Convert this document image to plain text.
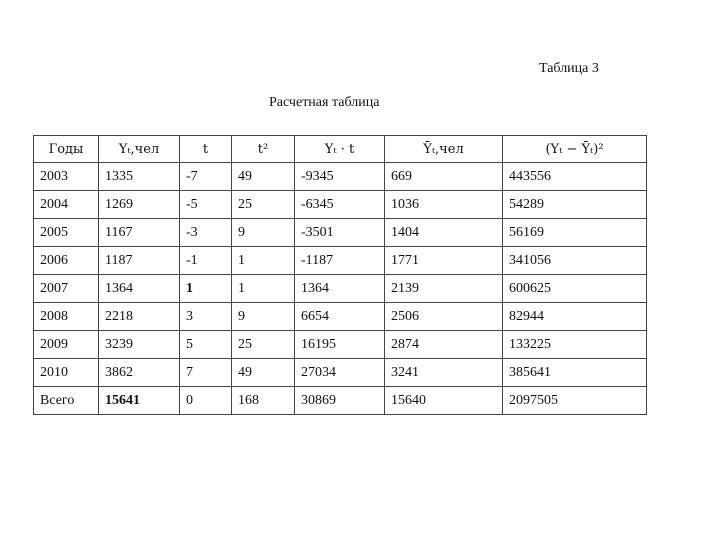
Таблица 3
Расчетная таблица
Годы	Yₜ,чел	t	t²	Yₜ · t	Ȳₜ,чел	(Yₜ − Ȳₜ)²
2003	1335	-7	49	-9345	669	443556
2004	1269	-5	25	-6345	1036	54289
2005	1167	-3	9	-3501	1404	56169
2006	1187	-1	1	-1187	1771	341056
2007	1364	1	1	1364	2139	600625
2008	2218	3	9	6654	2506	82944
2009	3239	5	25	16195	2874	133225
2010	3862	7	49	27034	3241	385641
Всего	15641	0	168	30869	15640	2097505
